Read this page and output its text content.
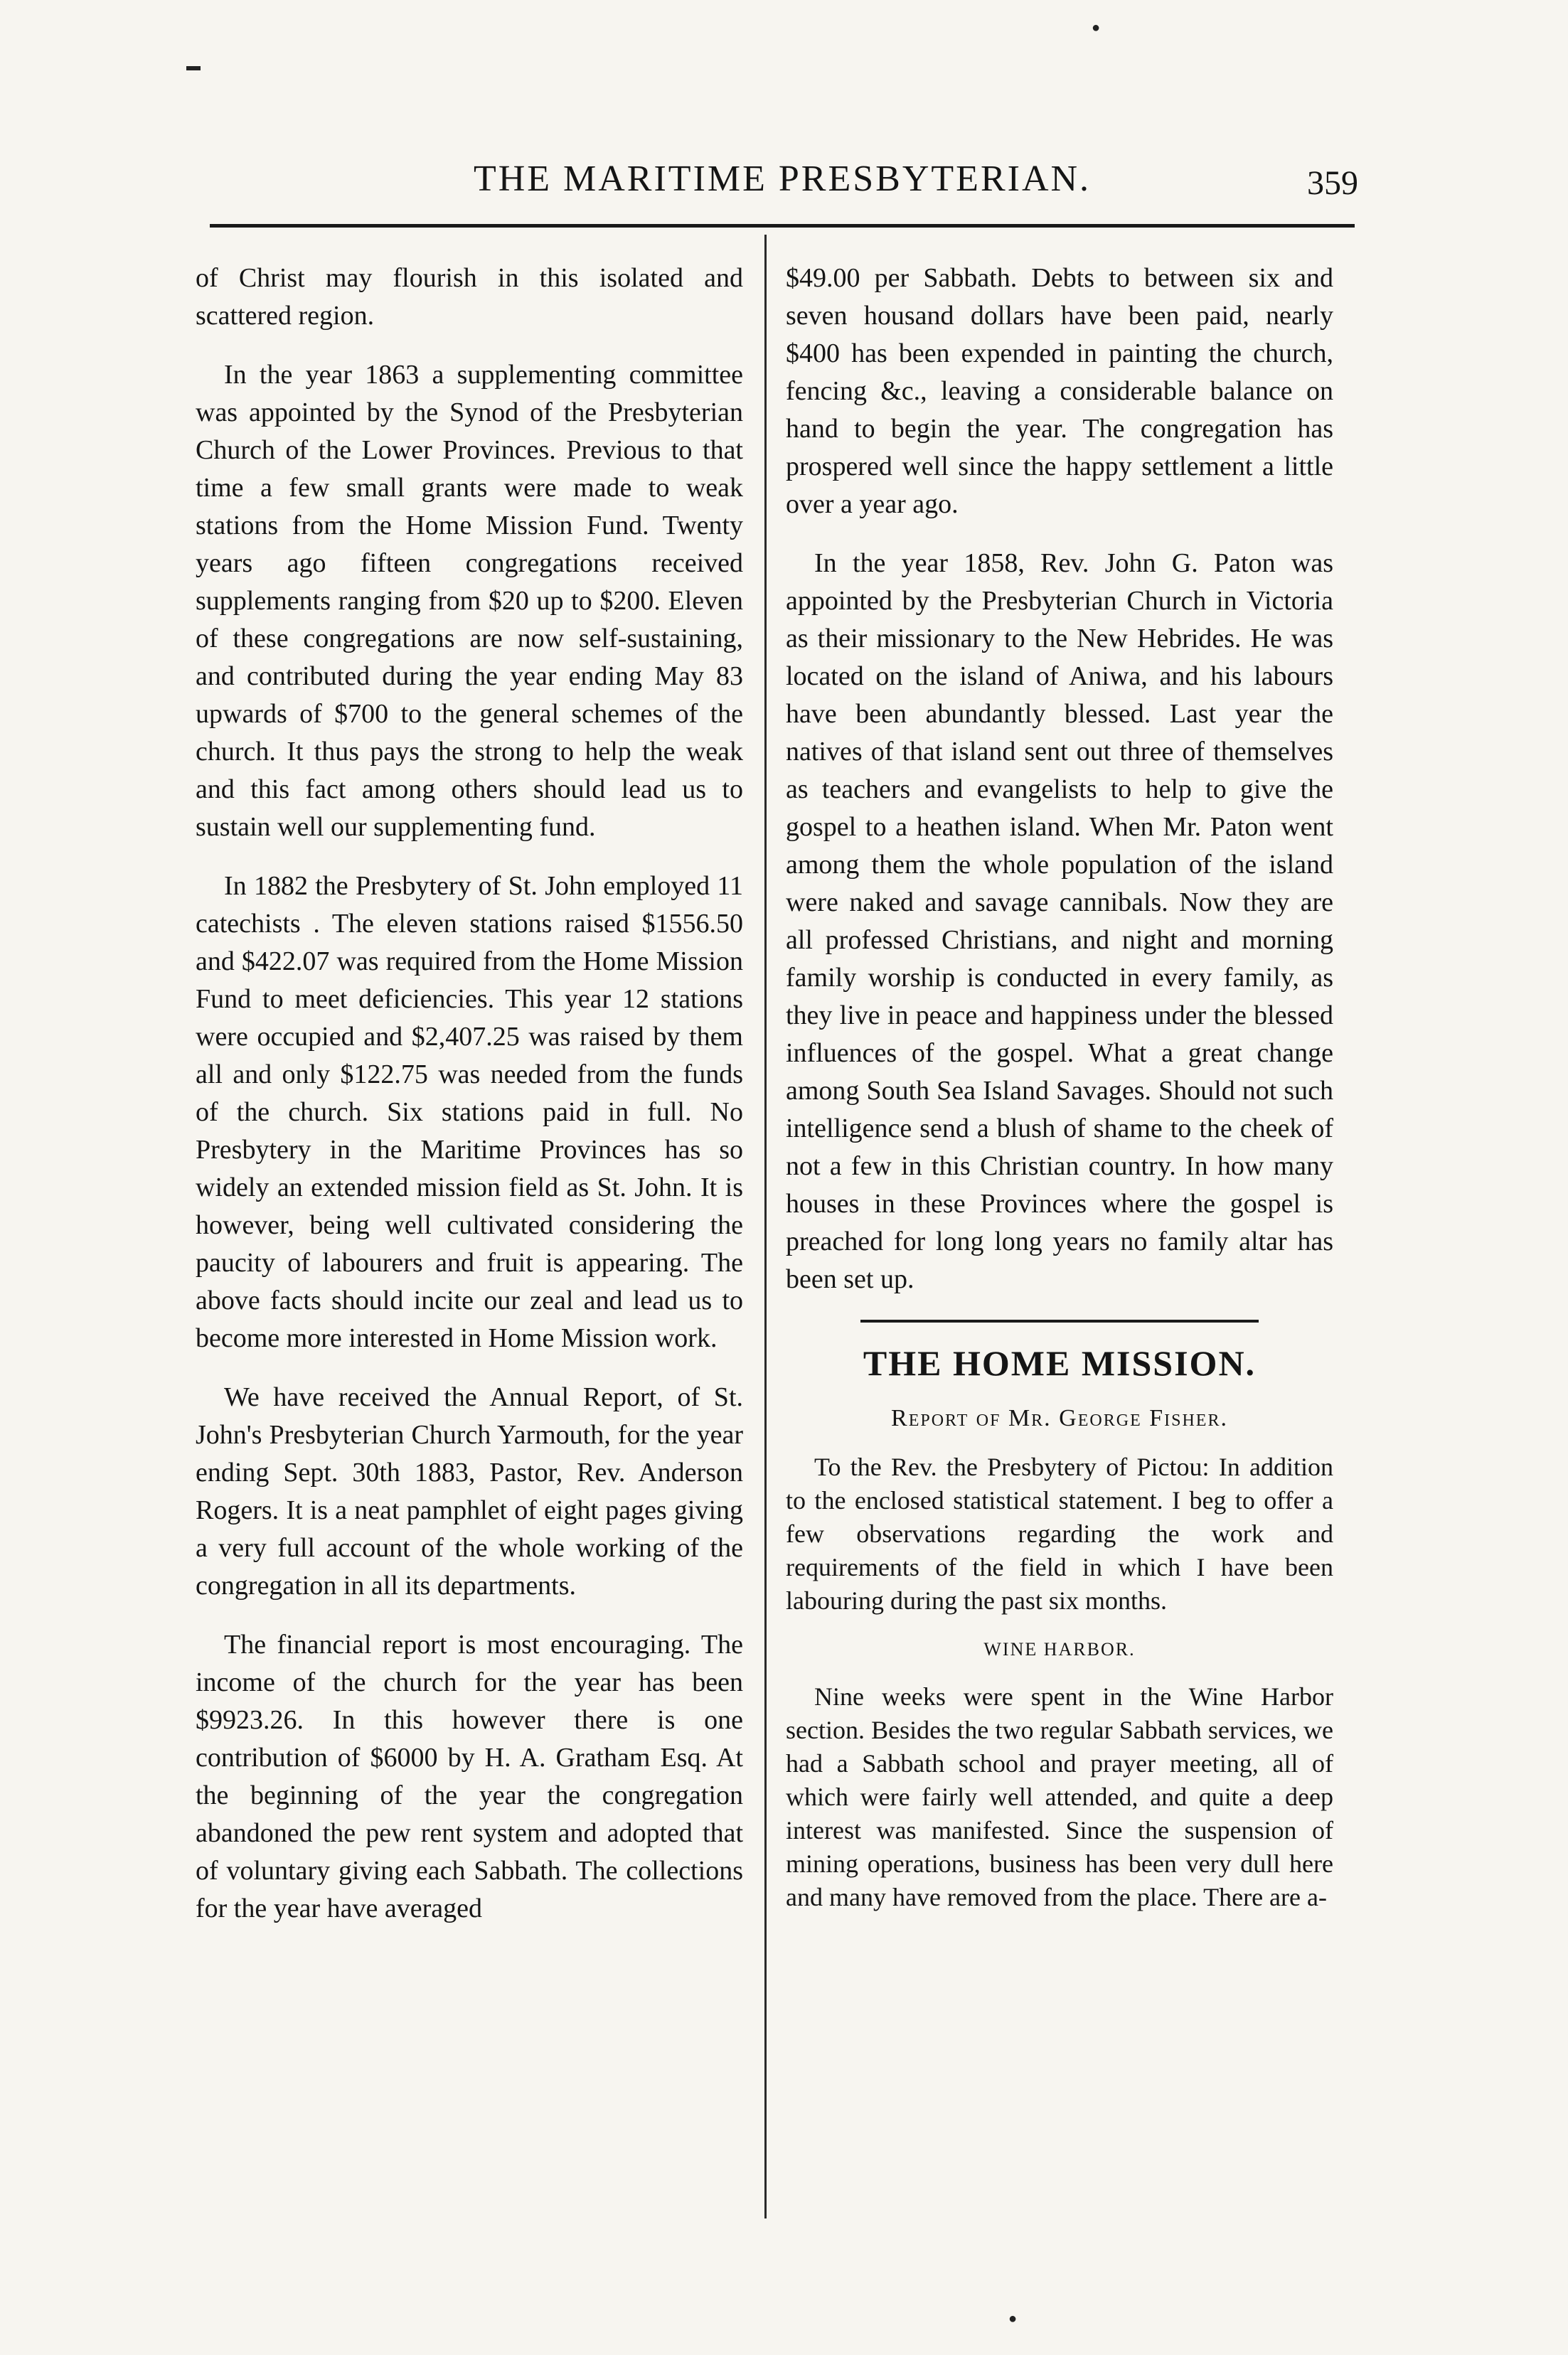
●
▬
THE MARITIME PRESBYTERIAN.	359

of Christ may flourish in this isolated and scattered region.

In the year 1863 a supplementing committee was appointed by the Synod of the Presbyterian Church of the Lower Provinces. Previous to that time a few small grants were made to weak stations from the Home Mission Fund. Twenty years ago fifteen congregations received supplements ranging from $20 up to $200. Eleven of these congregations are now self-sustaining, and contributed during the year ending May 83 upwards of $700 to the general schemes of the church. It thus pays the strong to help the weak and this fact among others should lead us to sustain well our supplementing fund.

In 1882 the Presbytery of St. John employed 11 catechists . The eleven stations raised $1556.50 and $422.07 was required from the Home Mission Fund to meet deficiencies. This year 12 stations were occupied and $2,407.25 was raised by them all and only $122.75 was needed from the funds of the church. Six stations paid in full. No Presbytery in the Maritime Provinces has so widely an extended mission field as St. John. It is however, being well cultivated considering the paucity of labourers and fruit is appearing. The above facts should incite our zeal and lead us to become more interested in Home Mission work.

We have received the Annual Report, of St. John's Presbyterian Church Yarmouth, for the year ending Sept. 30th 1883, Pastor, Rev. Anderson Rogers. It is a neat pamphlet of eight pages giving a very full account of the whole working of the congregation in all its departments.

The financial report is most encouraging. The income of the church for the year has been $9923.26. In this however there is one contribution of $6000 by H. A. Gratham Esq. At the beginning of the year the congregation abandoned the pew rent system and adopted that of voluntary giving each Sabbath. The collections for the year have averaged

$49.00 per Sabbath. Debts to between six and seven housand dollars have been paid, nearly $400 has been expended in painting the church, fencing &c., leaving a considerable balance on hand to begin the year. The congregation has prospered well since the happy settlement a little over a year ago.

In the year 1858, Rev. John G. Paton was appointed by the Presbyterian Church in Victoria as their missionary to the New Hebrides. He was located on the island of Aniwa, and his labours have been abundantly blessed. Last year the natives of that island sent out three of themselves as teachers and evangelists to help to give the gospel to a heathen island. When Mr. Paton went among them the whole population of the island were naked and savage cannibals. Now they are all professed Christians, and night and morning family worship is conducted in every family, as they live in peace and happiness under the blessed influences of the gospel. What a great change among South Sea Island Savages. Should not such intelligence send a blush of shame to the cheek of not a few in this Christian country. In how many houses in these Provinces where the gospel is preached for long long years no family altar has been set up.

THE HOME MISSION.
Report of Mr. George Fisher.

To the Rev. the Presbytery of Pictou: In addition to the enclosed statistical statement. I beg to offer a few observations regarding the work and requirements of the field in which I have been labouring during the past six months.

WINE HARBOR.

Nine weeks were spent in the Wine Harbor section. Besides the two regular Sabbath services, we had a Sabbath school and prayer meeting, all of which were fairly well attended, and quite a deep interest was manifested. Since the suspension of mining operations, business has been very dull here and many have removed from the place. There are a-

●
